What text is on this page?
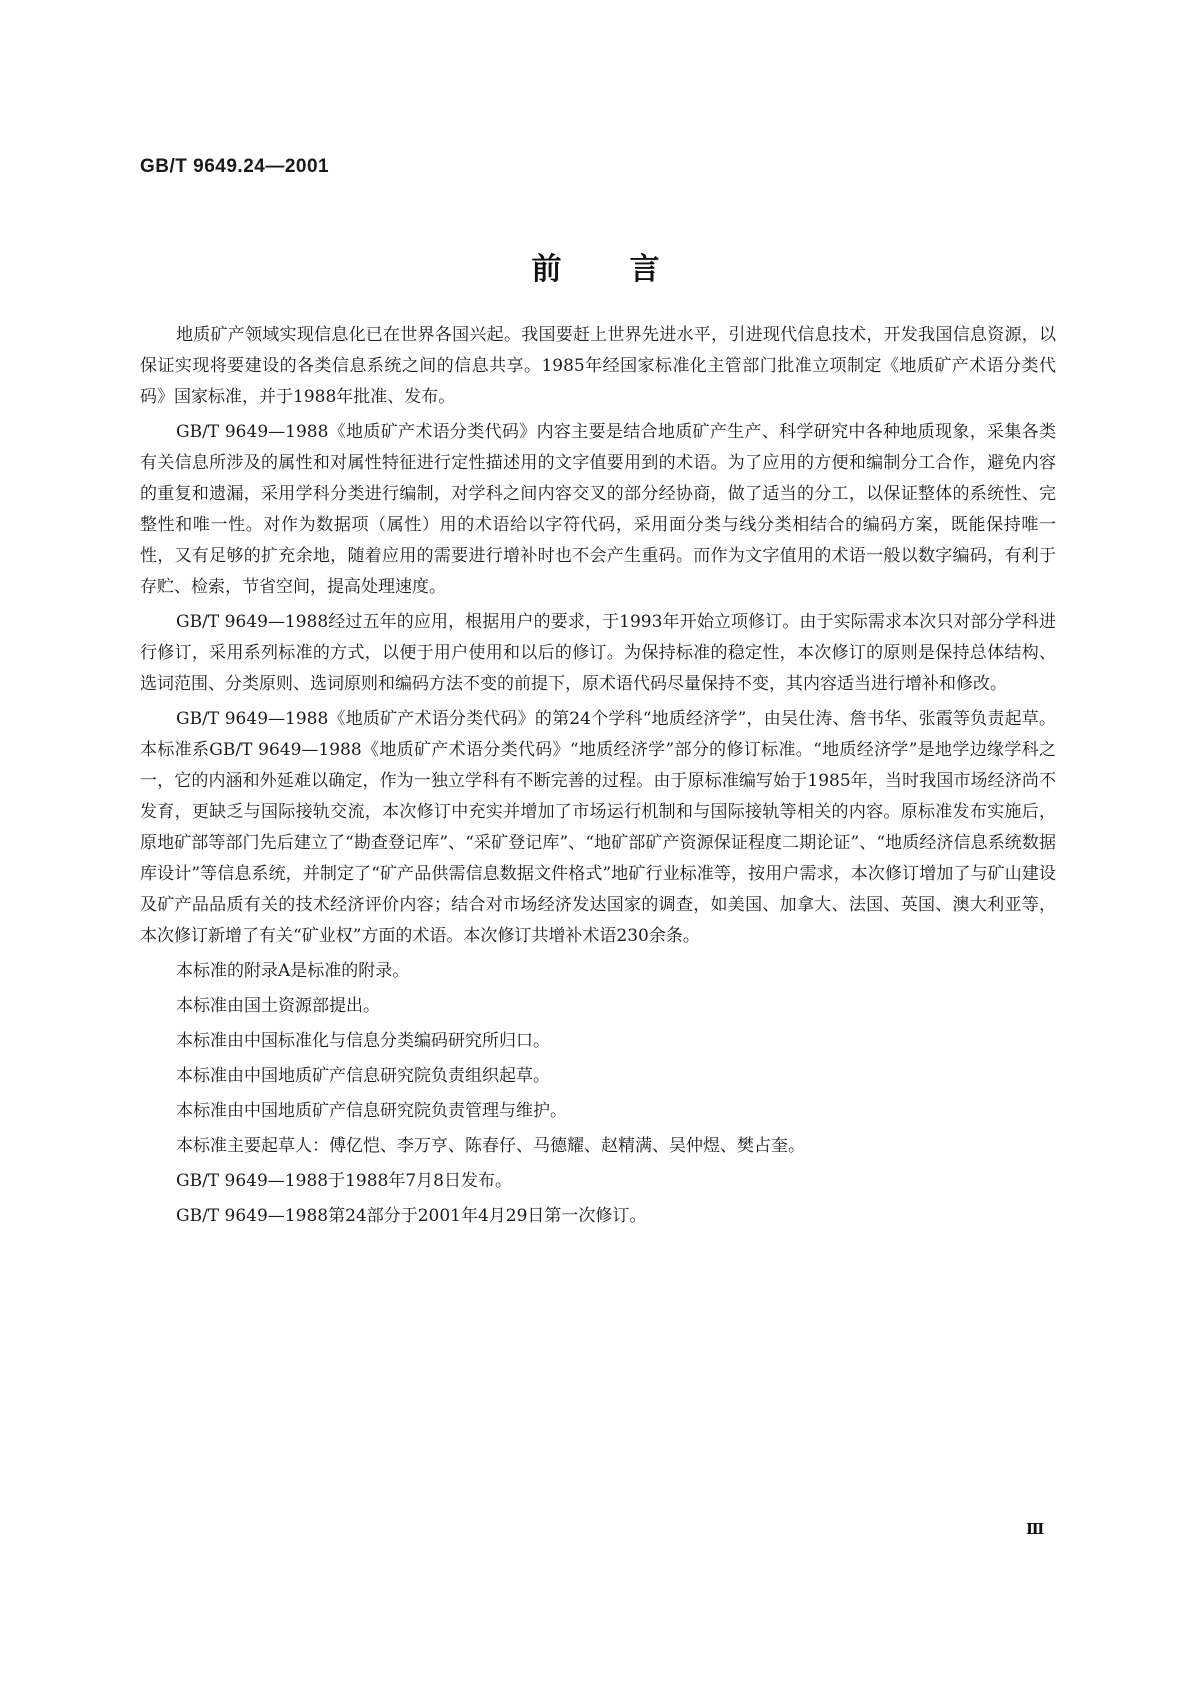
GB/T 9649.24—2001
前言

地质矿产领域实现信息化已在世界各国兴起。我国要赶上世界先进水平，引进现代信息技术，开发我国信息资源，以保证实现将要建设的各类信息系统之间的信息共享。1985年经国家标准化主管部门批准立项制定《地质矿产术语分类代码》国家标准，并于1988年批准、发布。

GB/T 9649—1988《地质矿产术语分类代码》内容主要是结合地质矿产生产、科学研究中各种地质现象，采集各类有关信息所涉及的属性和对属性特征进行定性描述用的文字值要用到的术语。为了应用的方便和编制分工合作，避免内容的重复和遗漏，采用学科分类进行编制，对学科之间内容交叉的部分经协商，做了适当的分工，以保证整体的系统性、完整性和唯一性。对作为数据项（属性）用的术语给以字符代码，采用面分类与线分类相结合的编码方案，既能保持唯一性，又有足够的扩充余地，随着应用的需要进行增补时也不会产生重码。而作为文字值用的术语一般以数字编码，有利于存贮、检索，节省空间，提高处理速度。

GB/T 9649—1988经过五年的应用，根据用户的要求，于1993年开始立项修订。由于实际需求本次只对部分学科进行修订，采用系列标准的方式，以便于用户使用和以后的修订。为保持标准的稳定性，本次修订的原则是保持总体结构、选词范围、分类原则、选词原则和编码方法不变的前提下，原术语代码尽量保持不变，其内容适当进行增补和修改。

GB/T 9649—1988《地质矿产术语分类代码》的第24个学科“地质经济学”，由吴仕涛、詹书华、张霞等负责起草。本标准系GB/T 9649—1988《地质矿产术语分类代码》“地质经济学”部分的修订标准。“地质经济学”是地学边缘学科之一，它的内涵和外延难以确定，作为一独立学科有不断完善的过程。由于原标准编写始于1985年，当时我国市场经济尚不发育，更缺乏与国际接轨交流，本次修订中充实并增加了市场运行机制和与国际接轨等相关的内容。原标准发布实施后，原地矿部等部门先后建立了“勘查登记库”、“采矿登记库”、“地矿部矿产资源保证程度二期论证”、“地质经济信息系统数据库设计”等信息系统，并制定了“矿产品供需信息数据文件格式”地矿行业标准等，按用户需求，本次修订增加了与矿山建设及矿产品品质有关的技术经济评价内容；结合对市场经济发达国家的调查，如美国、加拿大、法国、英国、澳大利亚等，本次修订新增了有关“矿业权”方面的术语。本次修订共增补术语230余条。

本标准的附录A是标准的附录。

本标准由国土资源部提出。

本标准由中国标准化与信息分类编码研究所归口。

本标准由中国地质矿产信息研究院负责组织起草。

本标准由中国地质矿产信息研究院负责管理与维护。

本标准主要起草人：傅亿恺、李万亨、陈春仔、马德耀、赵精满、吴仲煜、樊占奎。

GB/T 9649—1988于1988年7月8日发布。

GB/T 9649—1988第24部分于2001年4月29日第一次修订。

Ⅲ
